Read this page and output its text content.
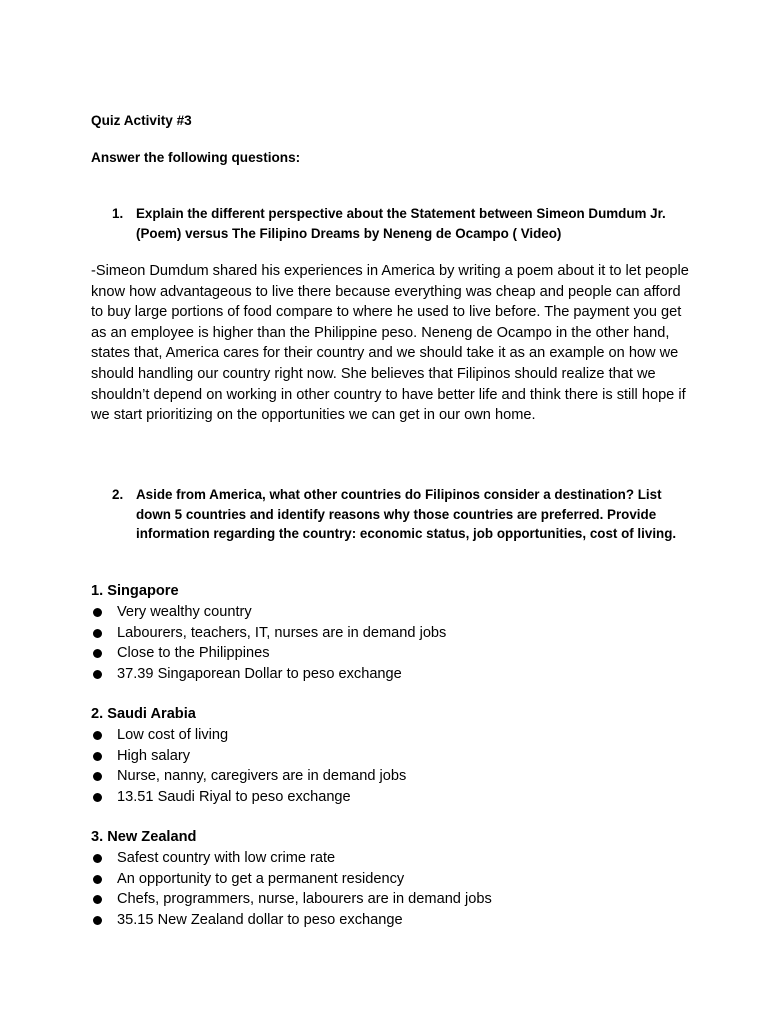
Quiz Activity #3
Answer the following questions:
1. Explain the different perspective about the Statement between Simeon Dumdum Jr. (Poem) versus The Filipino Dreams by Neneng de Ocampo ( Video)
-Simeon Dumdum shared his experiences in America by writing a poem about it to let people know how advantageous to live there because everything was cheap and people can afford to buy large portions of food compare to where he used to live before. The payment you get as an employee is higher than the Philippine peso. Neneng de Ocampo in the other hand, states that, America cares for their country and we should take it as an example on how we should handling our country right now. She believes that Filipinos should realize that we shouldn’t depend on working in other country to have better life and think there is still hope if we start prioritizing on the opportunities we can get in our own home.
2. Aside from America, what other countries do Filipinos consider a destination? List down 5 countries and identify reasons why those countries are preferred. Provide information regarding the country: economic status, job opportunities, cost of living.
1. Singapore
Very wealthy country
Labourers, teachers, IT, nurses are in demand jobs
Close to the Philippines
37.39 Singaporean Dollar to peso exchange
2. Saudi Arabia
Low cost of living
High salary
Nurse, nanny, caregivers are in demand jobs
13.51 Saudi Riyal to peso exchange
3. New Zealand
Safest country with low crime rate
An opportunity to get a permanent residency
Chefs, programmers, nurse, labourers are in demand jobs
35.15 New Zealand dollar to peso exchange
